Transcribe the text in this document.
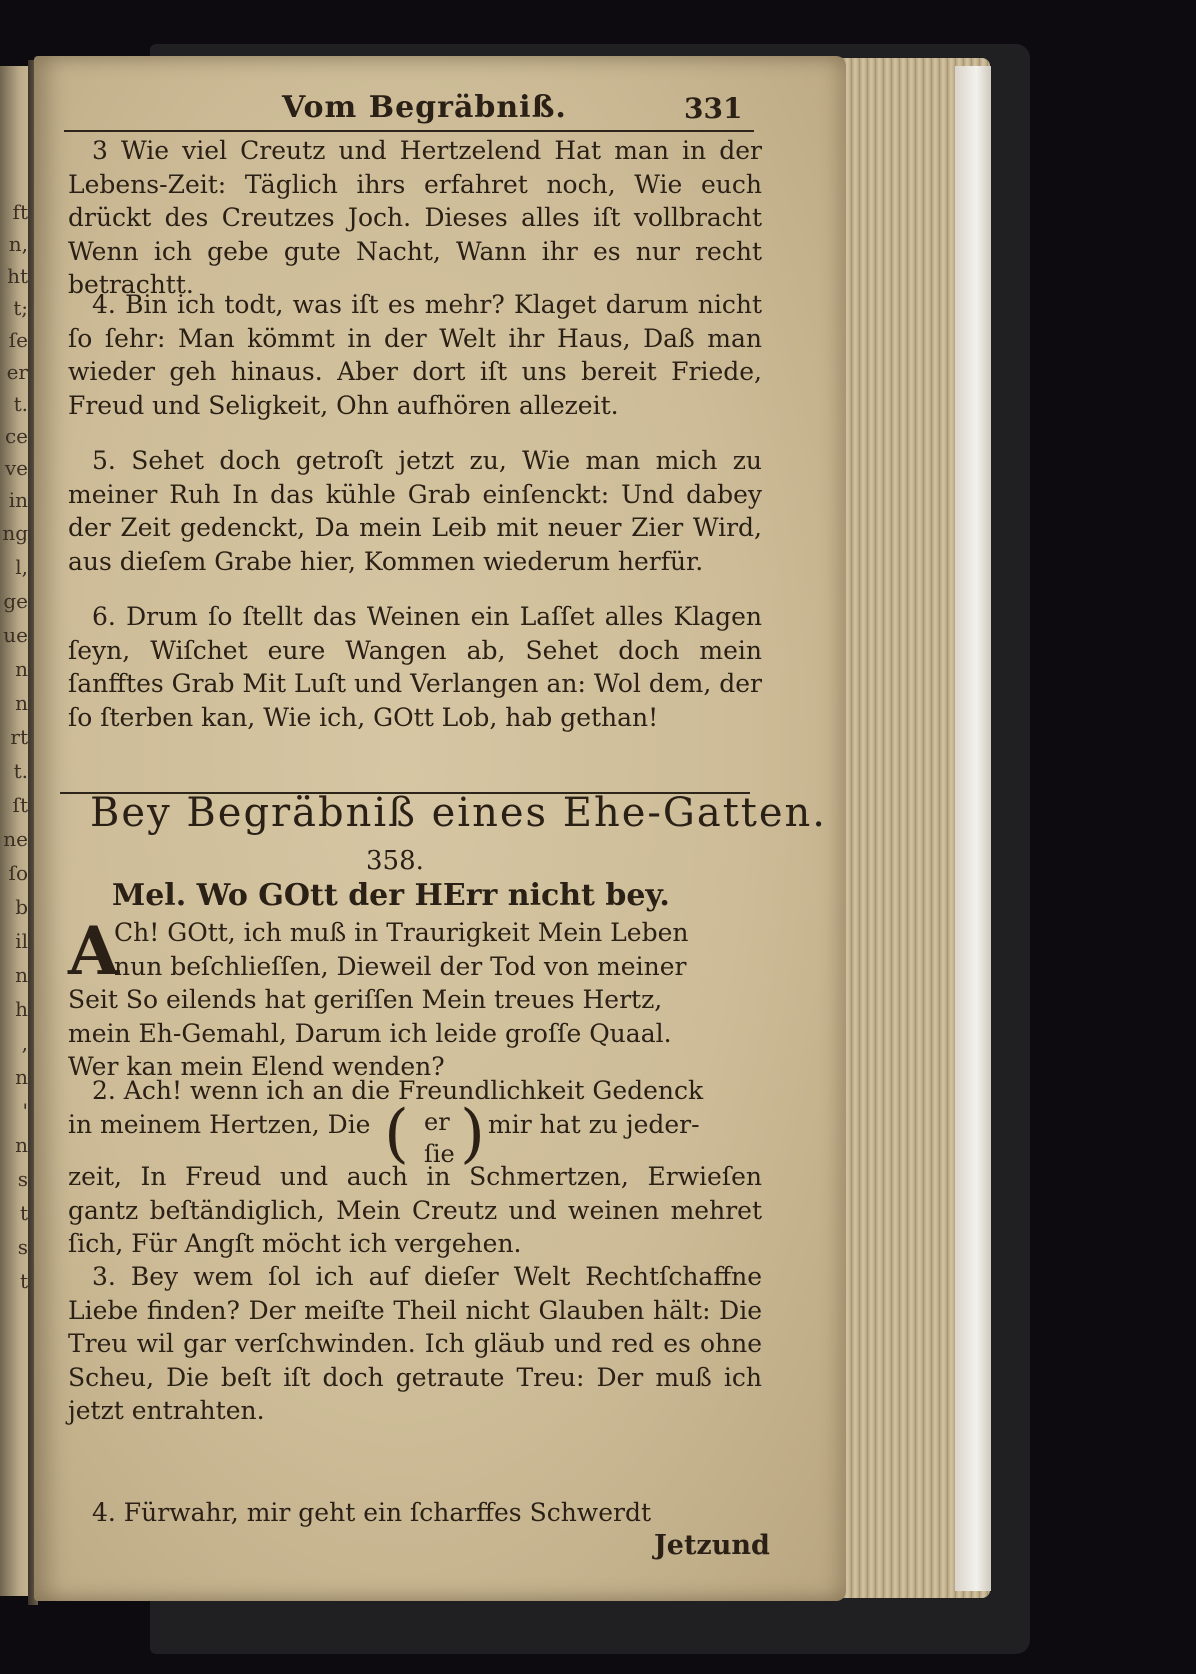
ft
n,
ht
t;
ſe
er
t.
ce
ve
in
ng
l,
ge
ue
n
n
rt
t.
ſt
ne
ſo
b
il
n
h
,
n
'
n
s
t
s
t
Vom Begräbniß.	331

3 Wie viel Creutz und Hertzelend Hat man in der Lebens-Zeit: Täglich ihrs erfahret noch, Wie euch drückt des Creutzes Joch. Dieses alles iſt vollbracht Wenn ich gebe gute Nacht, Wann ihr es nur recht betrachtt.

4. Bin ich todt, was iſt es mehr? Klaget darum nicht ſo ſehr: Man kömmt in der Welt ihr Haus, Daß man wieder geh hinaus. Aber dort iſt uns bereit Friede, Freud und Seligkeit, Ohn aufhören allezeit.

5. Sehet doch getroſt jetzt zu, Wie man mich zu meiner Ruh In das kühle Grab einſenckt: Und dabey der Zeit gedenckt, Da mein Leib mit neuer Zier Wird, aus dieſem Grabe hier, Kommen wiederum herfür.

6. Drum ſo ſtellt das Weinen ein Laſſet alles Klagen ſeyn, Wiſchet eure Wangen ab, Sehet doch mein ſanfftes Grab Mit Luſt und Verlangen an: Wol dem, der ſo ſterben kan, Wie ich, GOtt Lob, hab gethan!

Bey Begräbniß eines Ehe-Gatten.
358.
Mel. Wo GOtt der HErr nicht bey.
A

Ch! GOtt, ich muß in Traurigkeit Mein Leben

nun beſchlieſſen, Dieweil der Tod von meiner

Seit So eilends hat geriſſen Mein treues Hertz,

mein Eh-Gemahl, Darum ich leide groſſe Quaal.

Wer kan mein Elend wenden?

2. Ach! wenn ich an die Freundlichkeit Gedenck
in meinem Hertzen, Die ( er
ſie ) mir hat zu jeder-

zeit, In Freud und auch in Schmertzen, Erwieſen gantz beſtändiglich, Mein Creutz und weinen mehret ſich, Für Angſt möcht ich vergehen.

3. Bey wem ſol ich auf dieſer Welt Rechtſchaffne Liebe finden? Der meiſte Theil nicht Glauben hält: Die Treu wil gar verſchwinden. Ich gläub und red es ohne Scheu, Die beſt iſt doch getraute Treu: Der muß ich jetzt entrahten.

4. Fürwahr, mir geht ein ſcharffes Schwerdt

Jetzund
